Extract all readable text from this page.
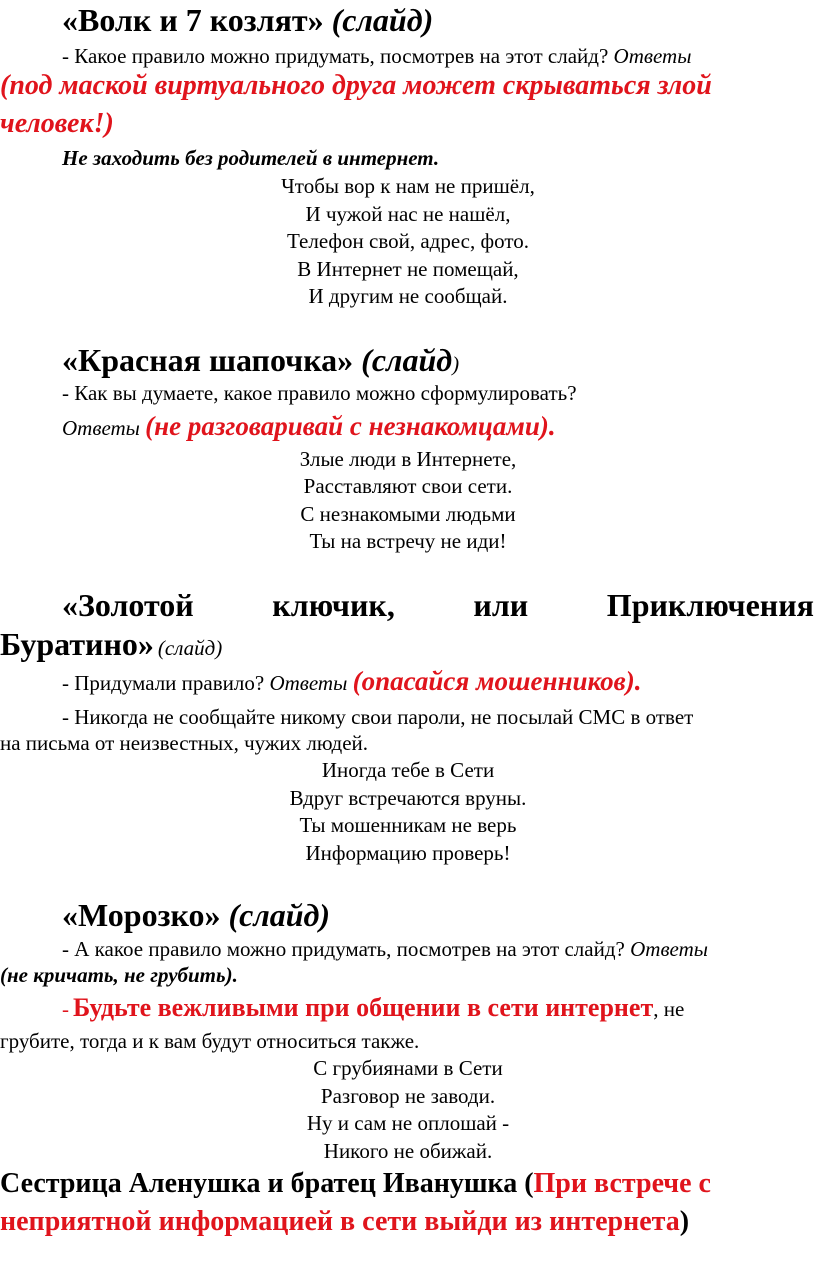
«Волк и 7 козлят» (слайд)
- Какое правило можно придумать, посмотрев на этот слайд? Ответы
(под маской виртуального друга может скрываться злой
человек!)
Не заходить без родителей в интернет.
Чтобы вор к нам не пришёл,
И чужой нас не нашёл,
Телефон свой, адрес, фото.
В Интернет не помещай,
И другим не сообщай.
«Красная шапочка» (слайд)
- Как вы думаете, какое правило можно сформулировать?
Ответы (не разговаривай с незнакомцами).
Злые люди в Интернете,
Расставляют свои сети.
С незнакомыми людьми
Ты на встречу не иди!
«Золотой ключик, или Приключения
Буратино» (слайд)
- Придумали правило? Ответы (опасайся мошенников).
- Никогда не сообщайте никому свои пароли, не посылай СМС в ответ
на письма от неизвестных, чужих людей.
Иногда тебе в Сети
Вдруг встречаются вруны.
Ты мошенникам не верь
Информацию проверь!
«Морозко» (слайд)
- А какое правило можно придумать, посмотрев на этот слайд? Ответы
(не кричать, не грубить).
- Будьте вежливыми при общении в сети интернет, не
грубите, тогда и к вам будут относиться также.
С грубиянами в Сети
Разговор не заводи.
Ну и сам не оплошай -
Никого не обижай.
Сестрица Аленушка и братец Иванушка (При встрече с
неприятной информацией в сети выйди из интернета)
